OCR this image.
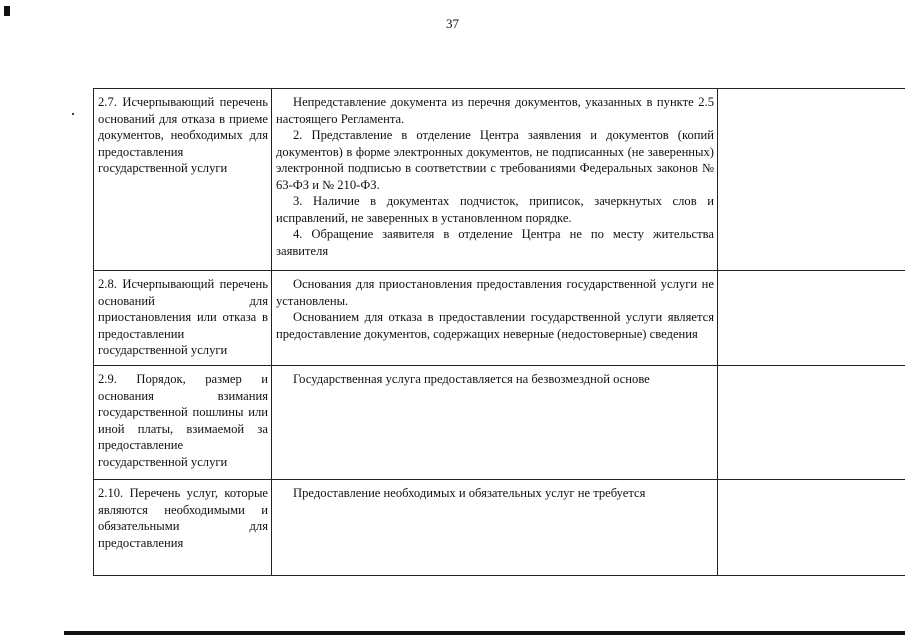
37
2.7. Исчерпывающий перечень оснований для отказа в приеме документов, необходимых для предоставления государственной услуги	Непредставление документа из перечня документов, указанных в пункте 2.5 настоящего Регламента.

2. Представление в отделение Центра заявления и документов (копий документов) в форме электронных документов, не подписанных (не заверенных) электронной подписью в соответствии с требованиями Федеральных законов № 63-ФЗ и № 210-ФЗ.

3. Наличие в документах подчисток, приписок, зачеркнутых слов и исправлений, не заверенных в установленном порядке.

4. Обращение заявителя в отделение Центра не по месту жительства заявителя	

2.8. Исчерпывающий перечень оснований для приостановления или отказа в предоставлении государственной услуги	Основания для приостановления предоставления государственной услуги не установлены.

Основанием для отказа в предоставлении государственной услуги является предоставление документов, содержащих неверные (недостоверные) сведения	

2.9. Порядок, размер и основания взимания государственной пошлины или иной платы, взимаемой за предоставление государственной услуги	Государственная услуга предоставляется на безвозмездной основе	

2.10. Перечень услуг, которые являются необходимыми и обязательными для предоставления	Предоставление необходимых и обязательных услуг не требуется	
